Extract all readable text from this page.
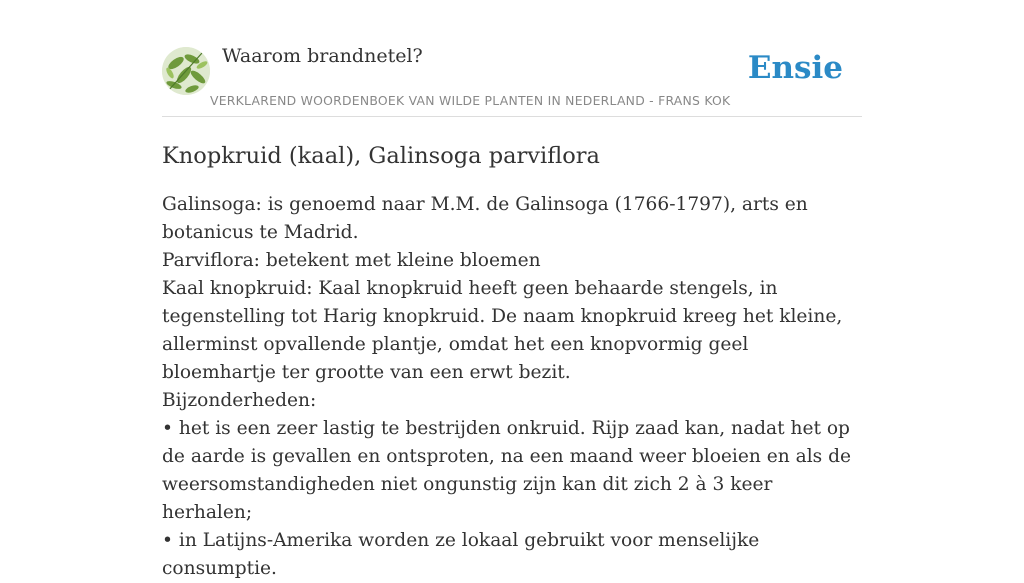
Waarom brandnetel?	Ensie
VERKLAREND WOORDENBOEK VAN WILDE PLANTEN IN NEDERLAND - FRANS KOK
Knopkruid (kaal), Galinsoga parviflora

Galinsoga: is genoemd naar M.M. de Galinsoga (1766-1797), arts en botanicus te Madrid.

Parviflora: betekent met kleine bloemen

Kaal knopkruid: Kaal knopkruid heeft geen behaarde stengels, in tegenstelling tot Harig knopkruid. De naam knopkruid kreeg het kleine, allerminst opvallende plantje, omdat het een knopvormig geel bloemhartje ter grootte van een erwt bezit.

Bijzonderheden:

• het is een zeer lastig te bestrijden onkruid. Rijp zaad kan, nadat het op de aarde is gevallen en ontsproten, na een maand weer bloeien en als de weersomstandigheden niet ongunstig zijn kan dit zich 2 à 3 keer herhalen;

• in Latijns-Amerika worden ze lokaal gebruikt voor menselijke consumptie.
